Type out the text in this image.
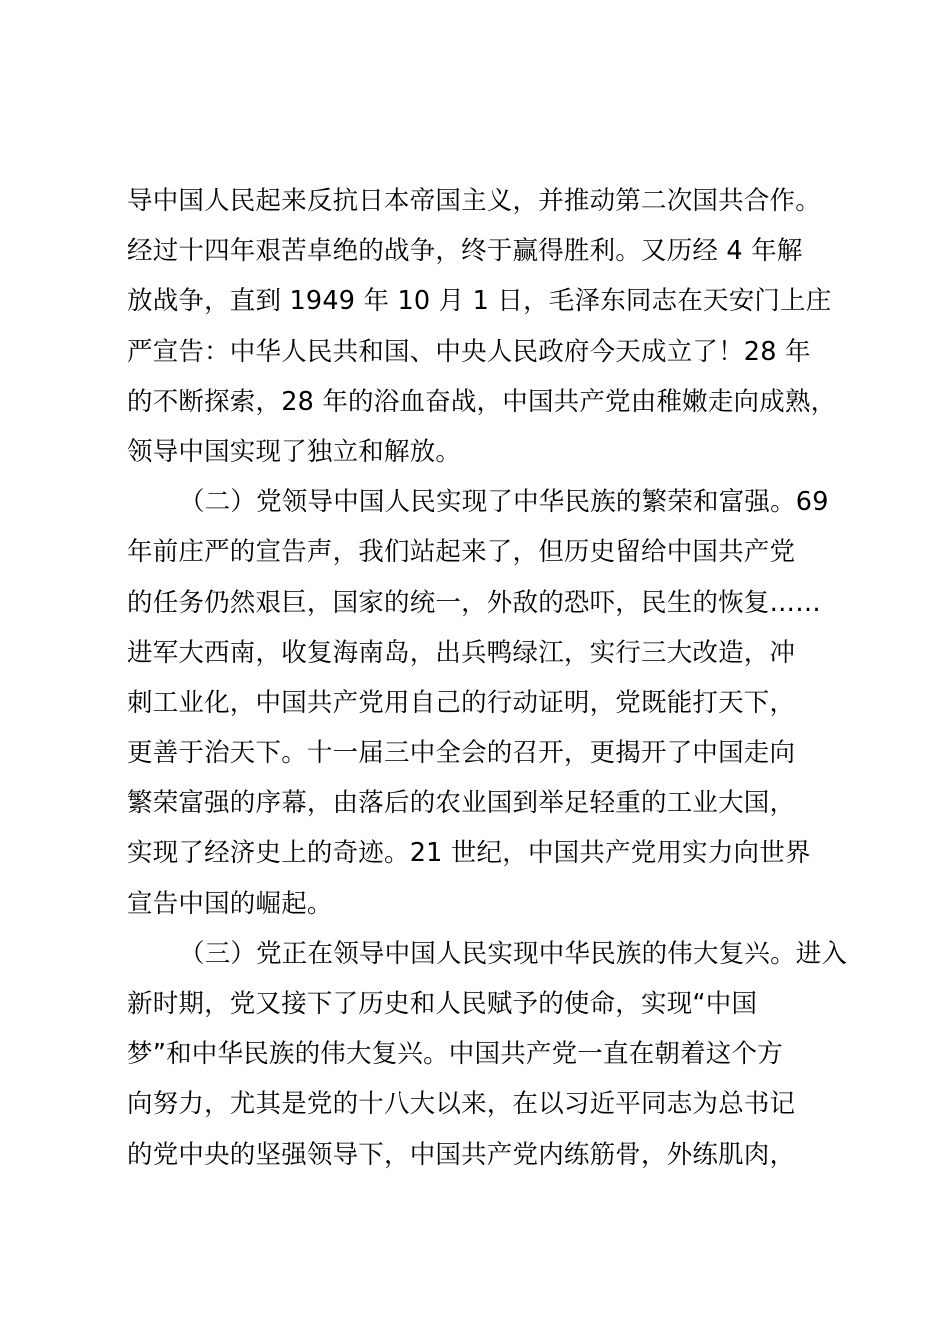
导中国人民起来反抗日本帝国主义，并推动第二次国共合作。
经过十四年艰苦卓绝的战争，终于赢得胜利。又历经 4 年解
放战争，直到 1949 年 10 月 1 日，毛泽东同志在天安门上庄
严宣告：中华人民共和国、中央人民政府今天成立了！28 年
的不断探索，28 年的浴血奋战，中国共产党由稚嫩走向成熟，
领导中国实现了独立和解放。
（二）党领导中国人民实现了中华民族的繁荣和富强。69
年前庄严的宣告声，我们站起来了，但历史留给中国共产党
的任务仍然艰巨，国家的统一，外敌的恐吓，民生的恢复……
进军大西南，收复海南岛，出兵鸭绿江，实行三大改造，冲
刺工业化，中国共产党用自己的行动证明，党既能打天下，
更善于治天下。十一届三中全会的召开，更揭开了中国走向
繁荣富强的序幕，由落后的农业国到举足轻重的工业大国，
实现了经济史上的奇迹。21 世纪，中国共产党用实力向世界
宣告中国的崛起。
（三）党正在领导中国人民实现中华民族的伟大复兴。进入
新时期，党又接下了历史和人民赋予的使命，实现“中国
梦”和中华民族的伟大复兴。中国共产党一直在朝着这个方
向努力，尤其是党的十八大以来，在以习近平同志为总书记
的党中央的坚强领导下，中国共产党内练筋骨，外练肌肉，
